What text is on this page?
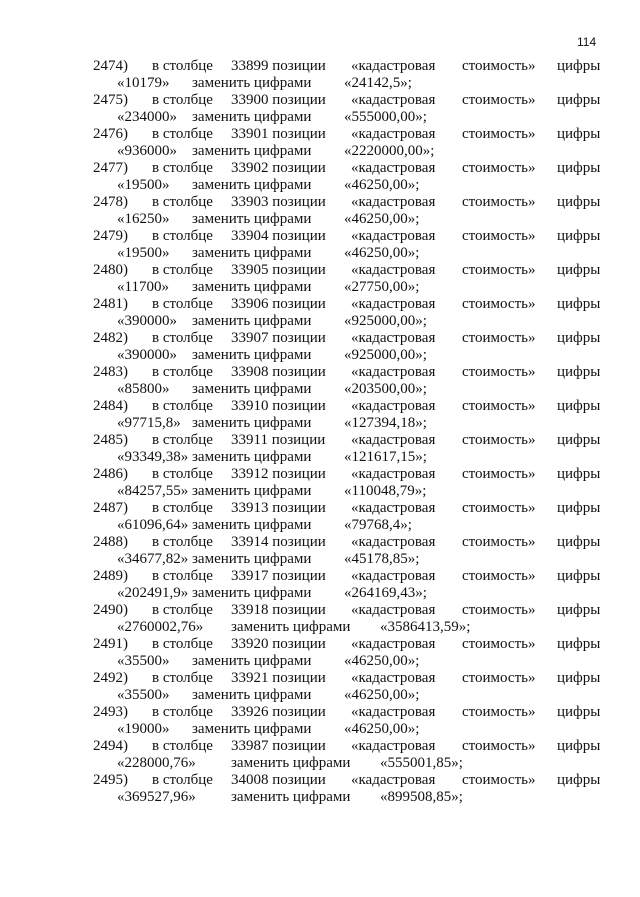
114
2474) в столбце 33899 позиции «кадастровая стоимость» цифры
«10179» заменить цифрами «24142,5»;
2475) в столбце 33900 позиции «кадастровая стоимость» цифры
«234000» заменить цифрами «555000,00»;
2476) в столбце 33901 позиции «кадастровая стоимость» цифры
«936000» заменить цифрами «2220000,00»;
2477) в столбце 33902 позиции «кадастровая стоимость» цифры
«19500» заменить цифрами «46250,00»;
2478) в столбце 33903 позиции «кадастровая стоимость» цифры
«16250» заменить цифрами «46250,00»;
2479) в столбце 33904 позиции «кадастровая стоимость» цифры
«19500» заменить цифрами «46250,00»;
2480) в столбце 33905 позиции «кадастровая стоимость» цифры
«11700» заменить цифрами «27750,00»;
2481) в столбце 33906 позиции «кадастровая стоимость» цифры
«390000» заменить цифрами «925000,00»;
2482) в столбце 33907 позиции «кадастровая стоимость» цифры
«390000» заменить цифрами «925000,00»;
2483) в столбце 33908 позиции «кадастровая стоимость» цифры
«85800» заменить цифрами «203500,00»;
2484) в столбце 33910 позиции «кадастровая стоимость» цифры
«97715,8» заменить цифрами «127394,18»;
2485) в столбце 33911 позиции «кадастровая стоимость» цифры
«93349,38» заменить цифрами «121617,15»;
2486) в столбце 33912 позиции «кадастровая стоимость» цифры
«84257,55» заменить цифрами «110048,79»;
2487) в столбце 33913 позиции «кадастровая стоимость» цифры
«61096,64» заменить цифрами «79768,4»;
2488) в столбце 33914 позиции «кадастровая стоимость» цифры
«34677,82» заменить цифрами «45178,85»;
2489) в столбце 33917 позиции «кадастровая стоимость» цифры
«202491,9» заменить цифрами «264169,43»;
2490) в столбце 33918 позиции «кадастровая стоимость» цифры
«2760002,76» заменить цифрами «3586413,59»;
2491) в столбце 33920 позиции «кадастровая стоимость» цифры
«35500» заменить цифрами «46250,00»;
2492) в столбце 33921 позиции «кадастровая стоимость» цифры
«35500» заменить цифрами «46250,00»;
2493) в столбце 33926 позиции «кадастровая стоимость» цифры
«19000» заменить цифрами «46250,00»;
2494) в столбце 33987 позиции «кадастровая стоимость» цифры
«228000,76» заменить цифрами «555001,85»;
2495) в столбце 34008 позиции «кадастровая стоимость» цифры
«369527,96» заменить цифрами «899508,85»;
